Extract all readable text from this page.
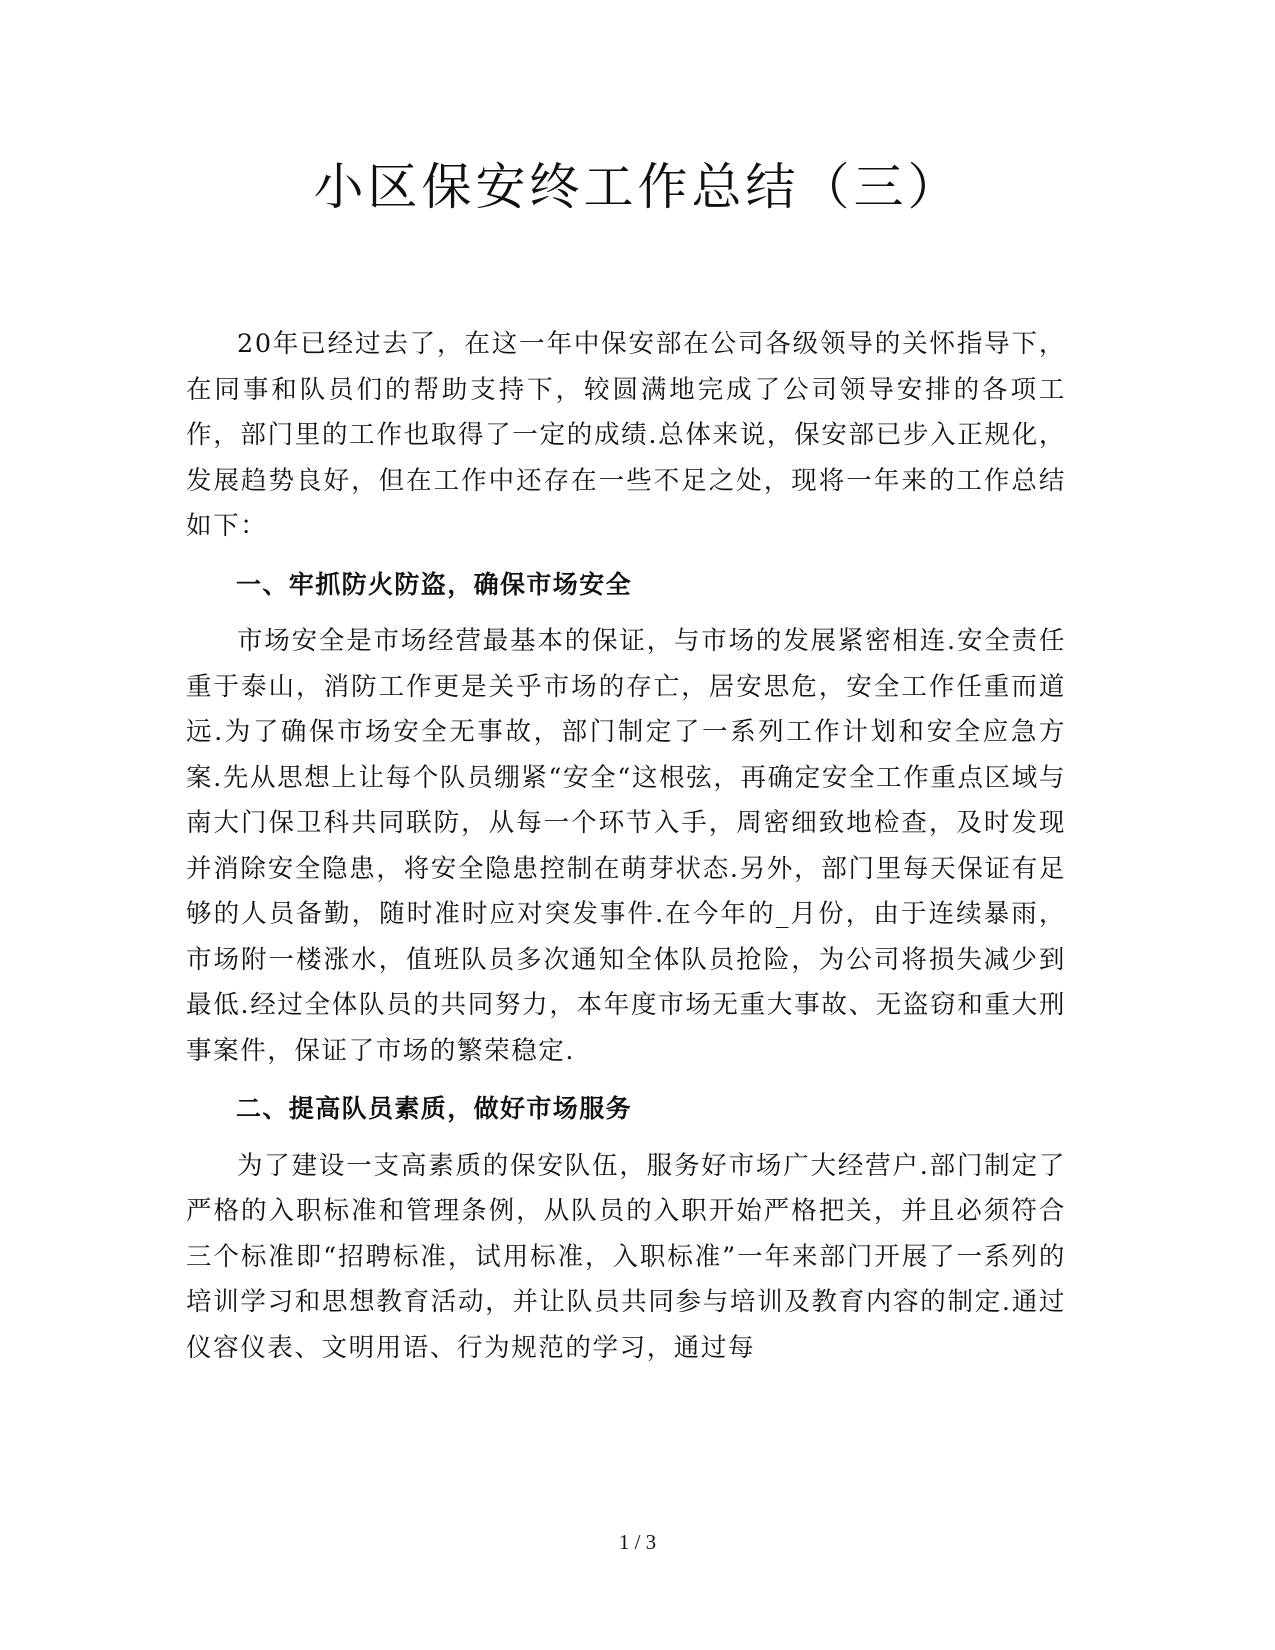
小区保安终工作总结（三）

20年已经过去了，在这一年中保安部在公司各级领导的关怀指导下，在同事和队员们的帮助支持下，较圆满地完成了公司领导安排的各项工作，部门里的工作也取得了一定的成绩.总体来说，保安部已步入正规化，发展趋势良好，但在工作中还存在一些不足之处，现将一年来的工作总结如下：

一、牢抓防火防盗，确保市场安全

市场安全是市场经营最基本的保证，与市场的发展紧密相连.安全责任重于泰山，消防工作更是关乎市场的存亡，居安思危，安全工作任重而道远.为了确保市场安全无事故，部门制定了一系列工作计划和安全应急方案.先从思想上让每个队员绷紧“安全“这根弦，再确定安全工作重点区域与南大门保卫科共同联防，从每一个环节入手，周密细致地检查，及时发现并消除安全隐患，将安全隐患控制在萌芽状态.另外，部门里每天保证有足够的人员备勤，随时准时应对突发事件.在今年的_月份，由于连续暴雨，市场附一楼涨水，值班队员多次通知全体队员抢险，为公司将损失减少到最低.经过全体队员的共同努力，本年度市场无重大事故、无盗窃和重大刑事案件，保证了市场的繁荣稳定.

二、提高队员素质，做好市场服务

为了建设一支高素质的保安队伍，服务好市场广大经营户.部门制定了严格的入职标准和管理条例，从队员的入职开始严格把关，并且必须符合三个标准即“招聘标准，试用标准，入职标准”一年来部门开展了一系列的培训学习和思想教育活动，并让队员共同参与培训及教育内容的制定.通过仪容仪表、文明用语、行为规范的学习，通过每

1 / 3
